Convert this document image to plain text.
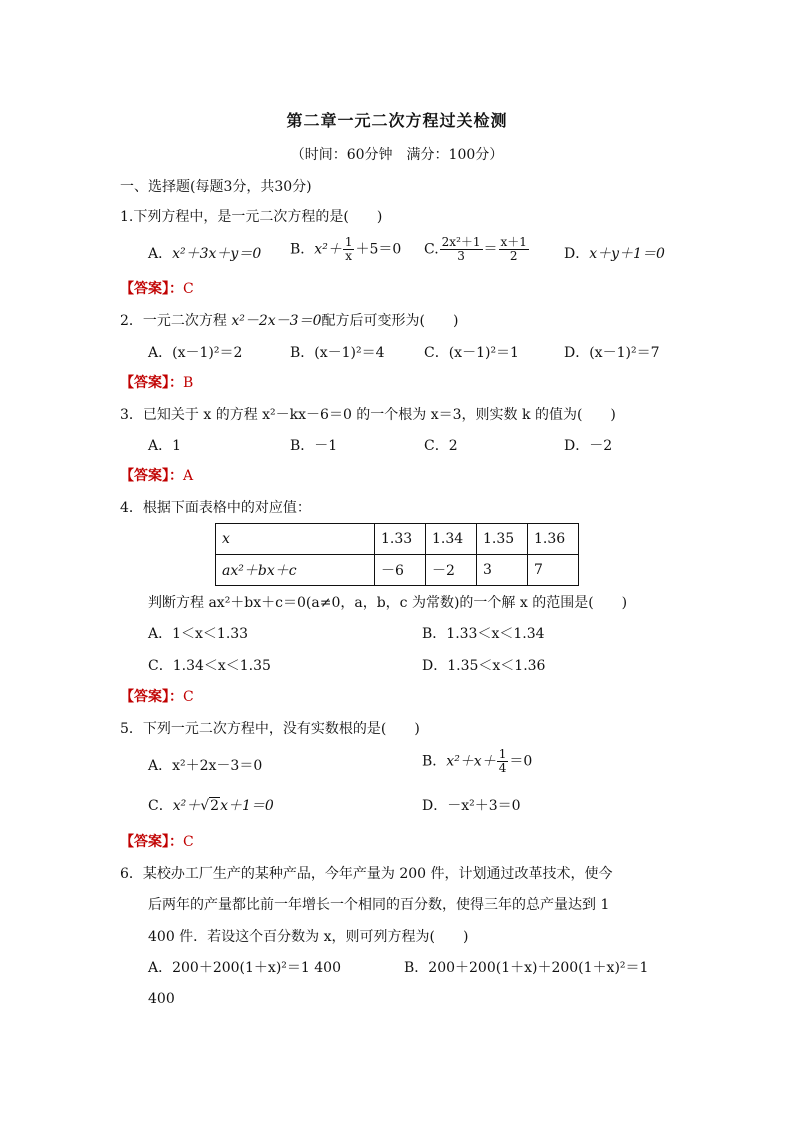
第二章一元二次方程过关检测
（时间：60分钟　满分：100分）
一、选择题(每题3分，共30分)
1.下列方程中，是一元二次方程的是(　　)
A．x²＋3x＋y＝0 B．$x^2+ \frac{1}{x} +5=0$ C. $\frac{\text{2x²＋1}}{3} = \frac{x+1}{2}$	D．x＋y＋1＝0
【答案】：C
2．一元二次方程 x²－2x－3＝0配方后可变形为(　　)
A．(x－1)²＝2	B．(x－1)²＝4	C．(x－1)²＝1	D．(x－1)²＝7
【答案】：B
3．已知关于 x 的方程 x²－kx－6＝0 的一个根为 x＝3，则实数 k 的值为(　　)
A．1	B．－1	C．2	D．－2
【答案】：A
4．根据下面表格中的对应值：
x	1.33	1.34	1.35	1.36
ax²＋bx＋c	－6	－2	3	7
判断方程 ax²＋bx＋c＝0(a≠0，a，b，c 为常数)的一个解 x 的范围是(　　)
A．1＜x＜1.33	B．1.33＜x＜1.34
C．1.34＜x＜1.35	D．1.35＜x＜1.36
【答案】：C
5．下列一元二次方程中，没有实数根的是(　　)
A．x²＋2x－3＝0	B．$x^2+x+ \frac{1}{4} =0$
C．x²＋√2x＋1＝0	D．－x²＋3＝0
【答案】：C
6．某校办工厂生产的某种产品，今年产量为 200 件，计划通过改革技术，使今
后两年的产量都比前一年增长一个相同的百分数，使得三年的总产量达到 1
400 件．若设这个百分数为 x，则可列方程为(　　)
A．200＋200(1＋x)²＝1 400	B．200＋200(1＋x)＋200(1＋x)²＝1
400
